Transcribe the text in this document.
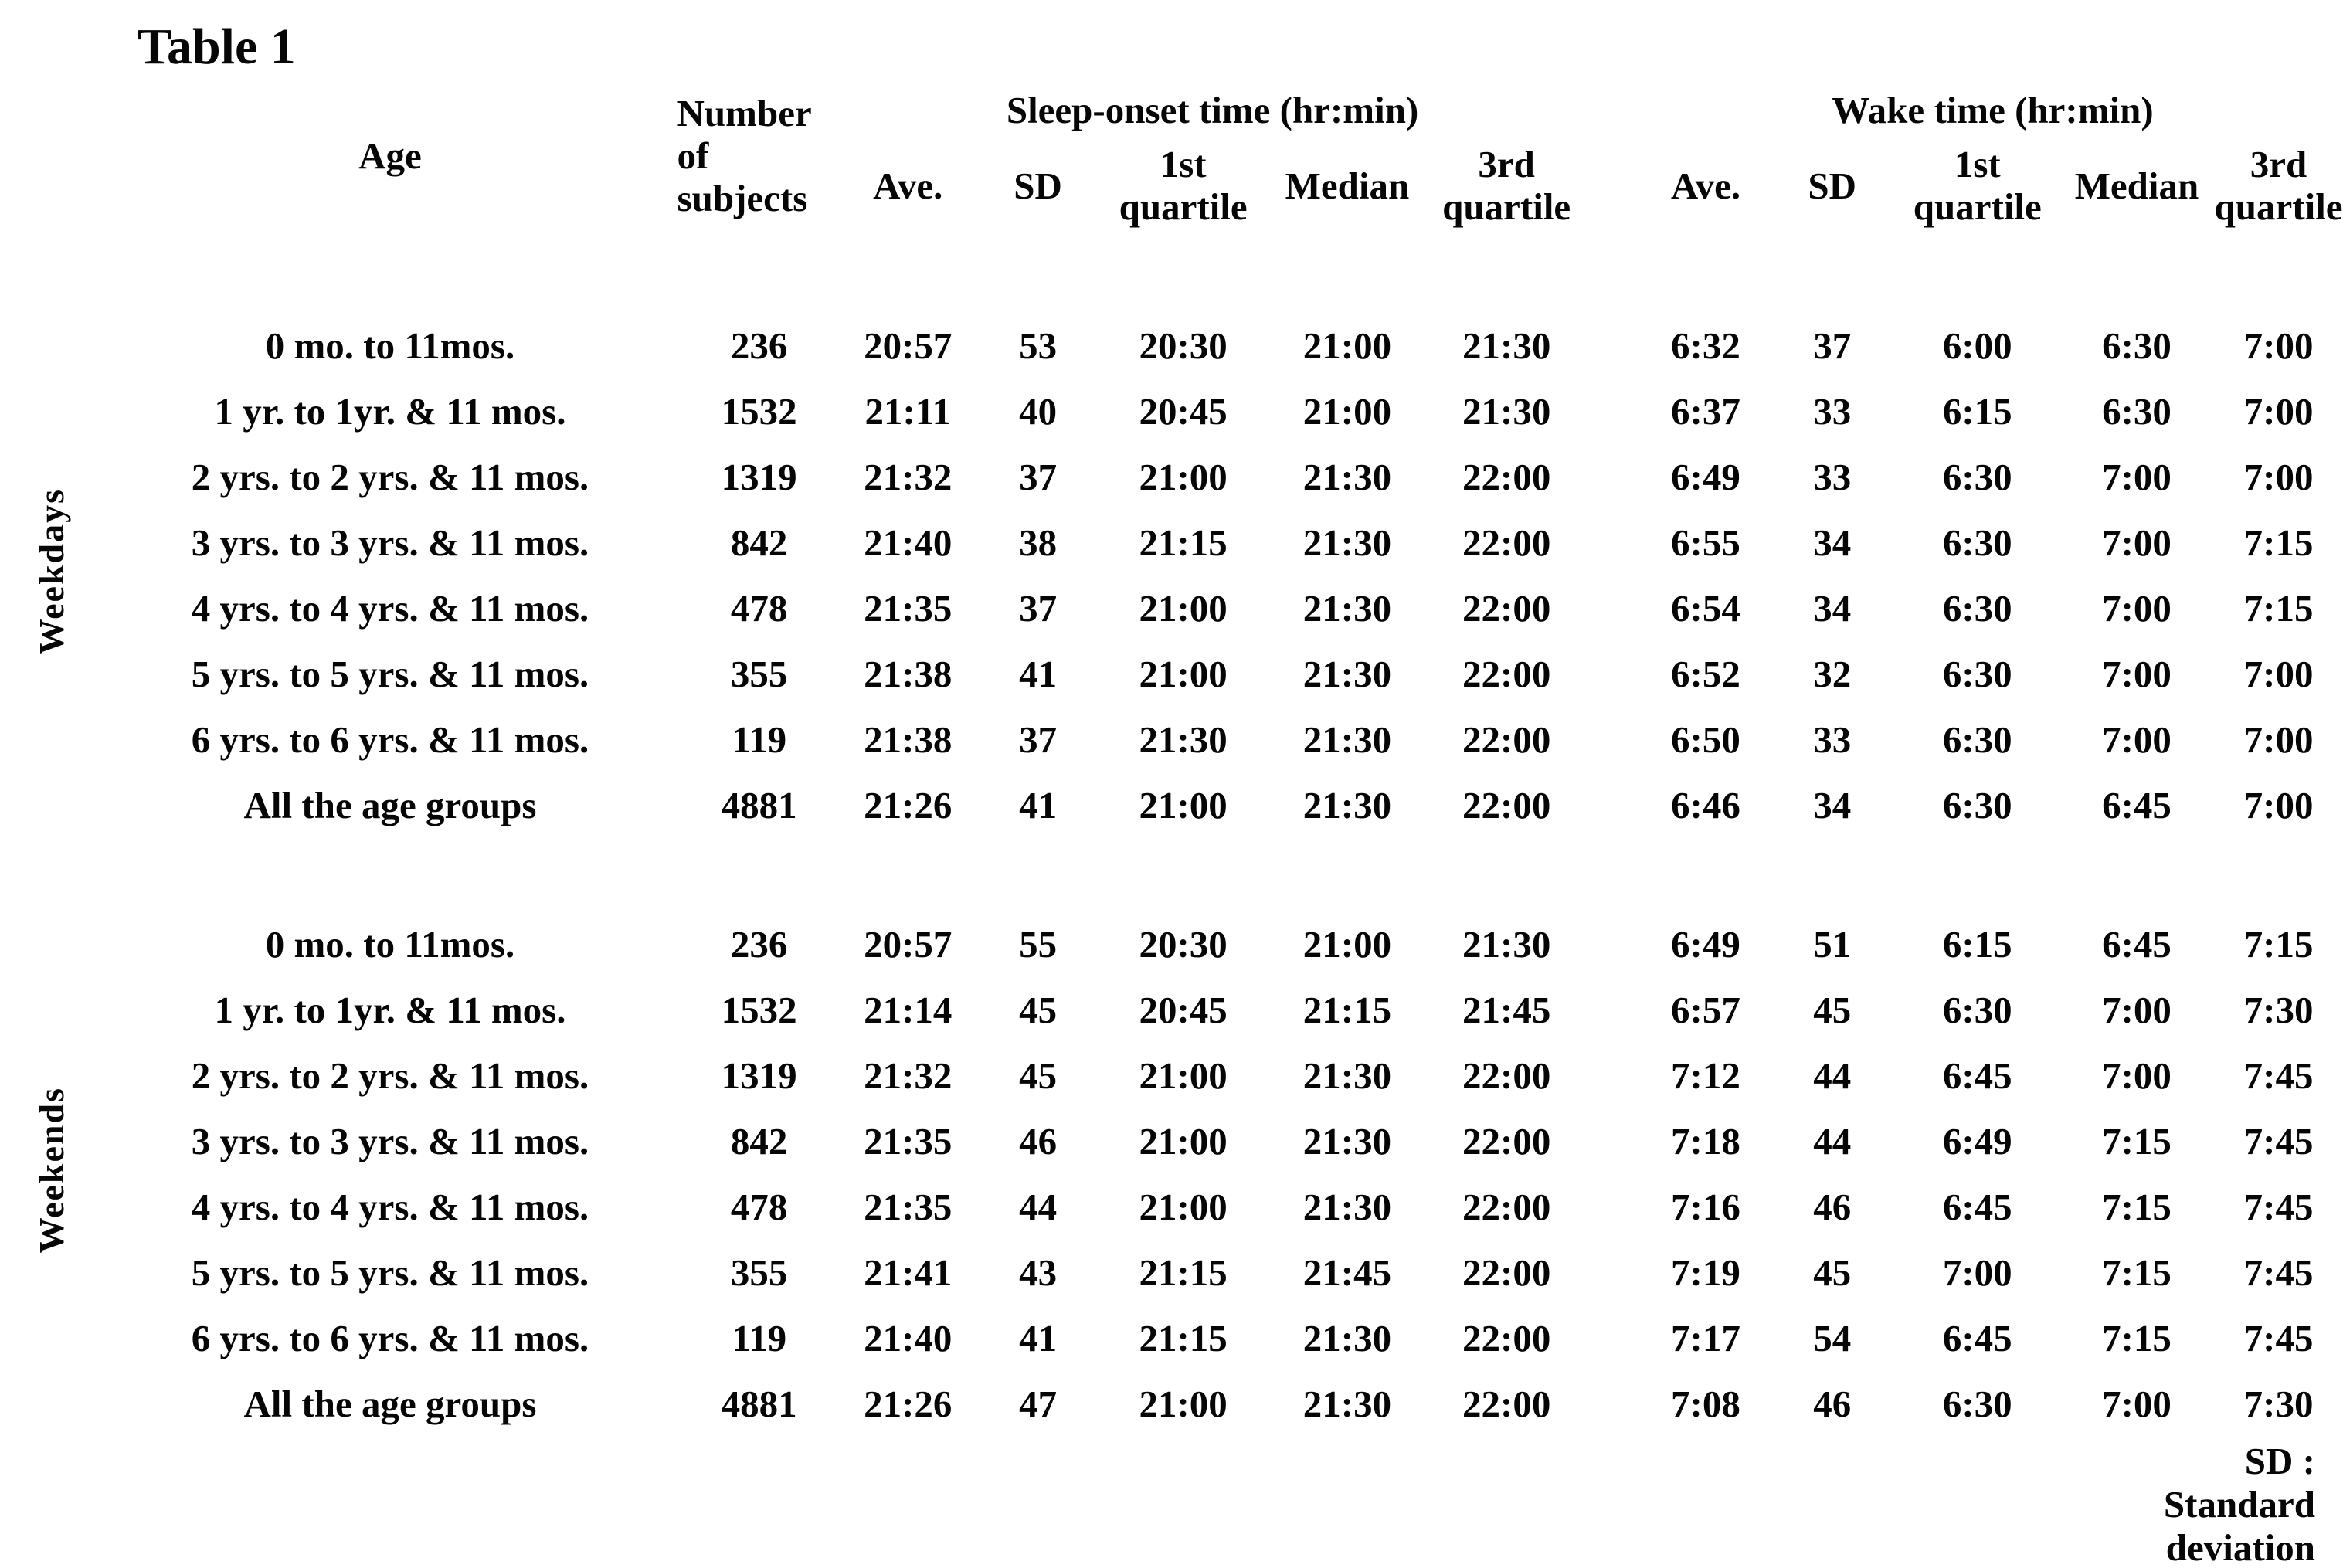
Table 1
	Age	Number of subjects	Sleep-onset time (hr:min)						Wake time (hr:min)				
			Ave.	SD	1st quartile	Median	3rd quartile		Ave.	SD	1st quartile	Median	3rd quartile

Weekdays	0 mo. to 11mos.	236	20:57	53	20:30	21:00	21:30		6:32	37	6:00	6:30	7:00
	1 yr. to 1yr. & 11 mos.	1532	21:11	40	20:45	21:00	21:30		6:37	33	6:15	6:30	7:00
	2 yrs. to 2 yrs. & 11 mos.	1319	21:32	37	21:00	21:30	22:00		6:49	33	6:30	7:00	7:00
	3 yrs. to 3 yrs. & 11 mos.	842	21:40	38	21:15	21:30	22:00		6:55	34	6:30	7:00	7:15
	4 yrs. to 4 yrs. & 11 mos.	478	21:35	37	21:00	21:30	22:00		6:54	34	6:30	7:00	7:15
	5 yrs. to 5 yrs. & 11 mos.	355	21:38	41	21:00	21:30	22:00		6:52	32	6:30	7:00	7:00
	6 yrs. to 6 yrs. & 11 mos.	119	21:38	37	21:30	21:30	22:00		6:50	33	6:30	7:00	7:00
	All the age groups	4881	21:26	41	21:00	21:30	22:00		6:46	34	6:30	6:45	7:00

Weekends	0 mo. to 11mos.	236	20:57	55	20:30	21:00	21:30		6:49	51	6:15	6:45	7:15
	1 yr. to 1yr. & 11 mos.	1532	21:14	45	20:45	21:15	21:45		6:57	45	6:30	7:00	7:30
	2 yrs. to 2 yrs. & 11 mos.	1319	21:32	45	21:00	21:30	22:00		7:12	44	6:45	7:00	7:45
	3 yrs. to 3 yrs. & 11 mos.	842	21:35	46	21:00	21:30	22:00		7:18	44	6:49	7:15	7:45
	4 yrs. to 4 yrs. & 11 mos.	478	21:35	44	21:00	21:30	22:00		7:16	46	6:45	7:15	7:45
	5 yrs. to 5 yrs. & 11 mos.	355	21:41	43	21:15	21:45	22:00		7:19	45	7:00	7:15	7:45
	6 yrs. to 6 yrs. & 11 mos.	119	21:40	41	21:15	21:30	22:00		7:17	54	6:45	7:15	7:45
	All the age groups	4881	21:26	47	21:00	21:30	22:00		7:08	46	6:30	7:00	7:30
SD :
Standard
deviation
